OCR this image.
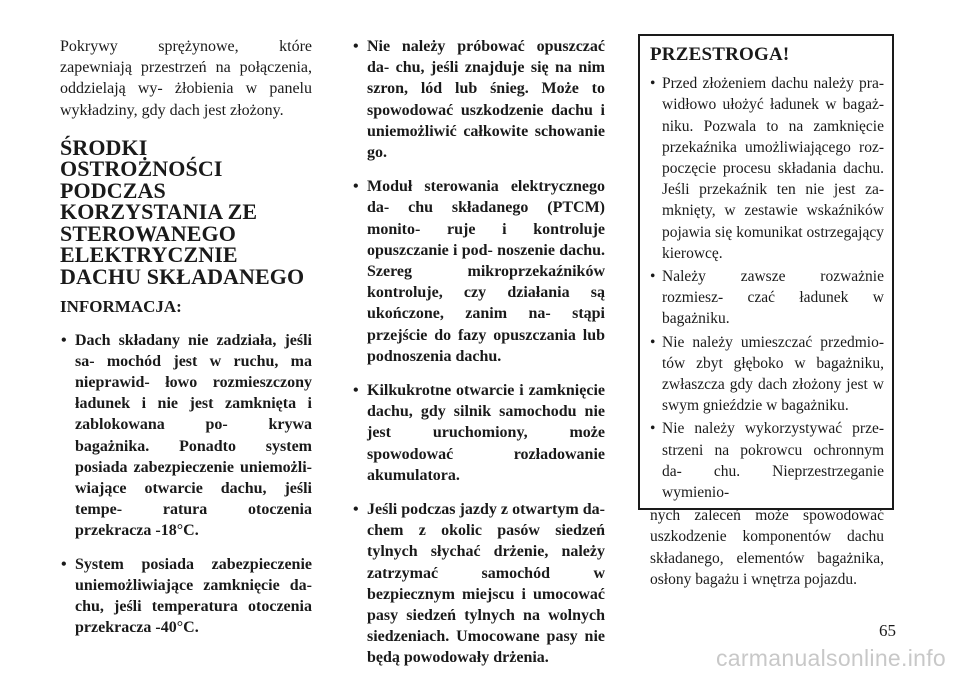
Pokrywy sprężynowe, które zapewniają przestrzeń na połączenia, oddzielają wy- żłobienia w panelu wykładziny, gdy dach jest złożony.

ŚRODKI OSTROŻNOŚCI PODCZAS KORZYSTANIA ZE STEROWANEGO ELEKTRYCZNIE DACHU SKŁADANEGO
INFORMACJA:
• Dach składany nie zadziała, jeśli sa- mochód jest w ruchu, ma nieprawid- łowo rozmieszczony ładunek i nie jest zamknięta i zablokowana po- krywa bagażnika. Ponadto system posiada zabezpieczenie uniemożli- wiające otwarcie dachu, jeśli tempe- ratura otoczenia przekracza -18°C.
• System posiada zabezpieczenie uniemożliwiające zamknięcie da- chu, jeśli temperatura otoczenia przekracza -40°C.
• Nie należy próbować opuszczać da- chu, jeśli znajduje się na nim szron, lód lub śnieg. Może to spowodować uszkodzenie dachu i uniemożliwić całkowite schowanie go.
• Moduł sterowania elektrycznego da- chu składanego (PTCM) monito- ruje i kontroluje opuszczanie i pod- noszenie dachu. Szereg mikroprzekaźników kontroluje, czy działania są ukończone, zanim na- stąpi przejście do fazy opuszczania lub podnoszenia dachu.
• Kilkukrotne otwarcie i zamknięcie dachu, gdy silnik samochodu nie jest uruchomiony, może spowodować rozładowanie akumulatora.
• Jeśli podczas jazdy z otwartym da- chem z okolic pasów siedzeń tylnych słychać drżenie, należy zatrzymać samochód w bezpiecznym miejscu i umocować pasy siedzeń tylnych na wolnych siedzeniach. Umocowane pasy nie będą powodowały drżenia.
PRZESTROGA!
• Przed złożeniem dachu należy pra- widłowo ułożyć ładunek w bagaż- niku. Pozwala to na zamknięcie przekaźnika umożliwiającego roz- poczęcie procesu składania dachu. Jeśli przekaźnik ten nie jest za- mknięty, w zestawie wskaźników pojawia się komunikat ostrzegający kierowcę.
• Należy zawsze rozważnie rozmiesz- czać ładunek w bagażniku.
• Nie należy umieszczać przedmio- tów zbyt głęboko w bagażniku, zwłaszcza gdy dach złożony jest w swym gnieździe w bagażniku.
• Nie należy wykorzystywać prze- strzeni na pokrowcu ochronnym da- chu. Nieprzestrzeganie wymienio-

nych zaleceń może spowodować uszkodzenie komponentów dachu składanego, elementów bagażnika, osłony bagażu i wnętrza pojazdu.

65
carmanualsonline.info
